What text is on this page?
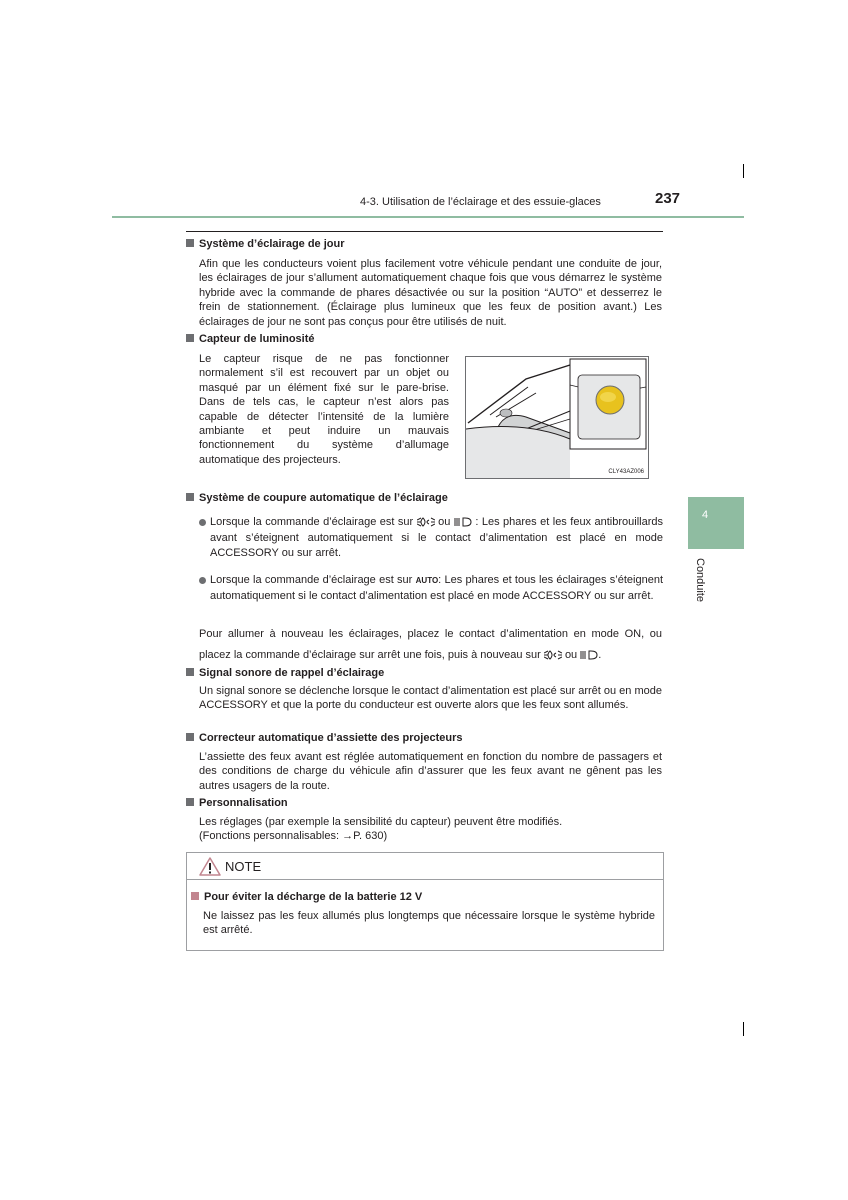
4-3. Utilisation de l’éclairage et des essuie-glaces	237
4
Conduite
Système d’éclairage de jour
Afin que les conducteurs voient plus facilement votre véhicule pendant une conduite de jour, les éclairages de jour s’allument automatiquement chaque fois que vous démarrez le système hybride avec la commande de phares désactivée ou sur la position “AUTO” et desserrez le frein de stationnement. (Éclairage plus lumineux que les feux de position avant.) Les éclairages de jour ne sont pas conçus pour être utilisés de nuit.
Capteur de luminosité
Le capteur risque de ne pas fonctionner normalement s’il est recouvert par un objet ou masqué par un élément fixé sur le pare-brise. Dans de tels cas, le capteur n’est alors pas capable de détecter l’intensité de la lumière ambiante et peut induire un mauvais fonctionnement du système d’allumage automatique des projecteurs.
CLY43AZ006
Système de coupure automatique de l’éclairage
Lorsque la commande d’éclairage est sur ou : Les phares et les feux antibrouillards avant s’éteignent automatiquement si le contact d’alimentation est placé en mode ACCESSORY ou sur arrêt.
Lorsque la commande d’éclairage est sur AUTO: Les phares et tous les éclairages s’éteignent automatiquement si le contact d’alimentation est placé en mode ACCESSORY ou sur arrêt.
Pour allumer à nouveau les éclairages, placez le contact d’alimentation en mode ON, ou placez la commande d’éclairage sur arrêt une fois, puis à nouveau sur ou .
Signal sonore de rappel d’éclairage
Un signal sonore se déclenche lorsque le contact d’alimentation est placé sur arrêt ou en mode ACCESSORY et que la porte du conducteur est ouverte alors que les feux sont allumés.
Correcteur automatique d’assiette des projecteurs
L’assiette des feux avant est réglée automatiquement en fonction du nombre de passagers et des conditions de charge du véhicule afin d’assurer que les feux avant ne gênent pas les autres usagers de la route.
Personnalisation
Les réglages (par exemple la sensibilité du capteur) peuvent être modifiés.
(Fonctions personnalisables: →P. 630)
NOTE
Pour éviter la décharge de la batterie 12 V
Ne laissez pas les feux allumés plus longtemps que nécessaire lorsque le système hybride est arrêté.
